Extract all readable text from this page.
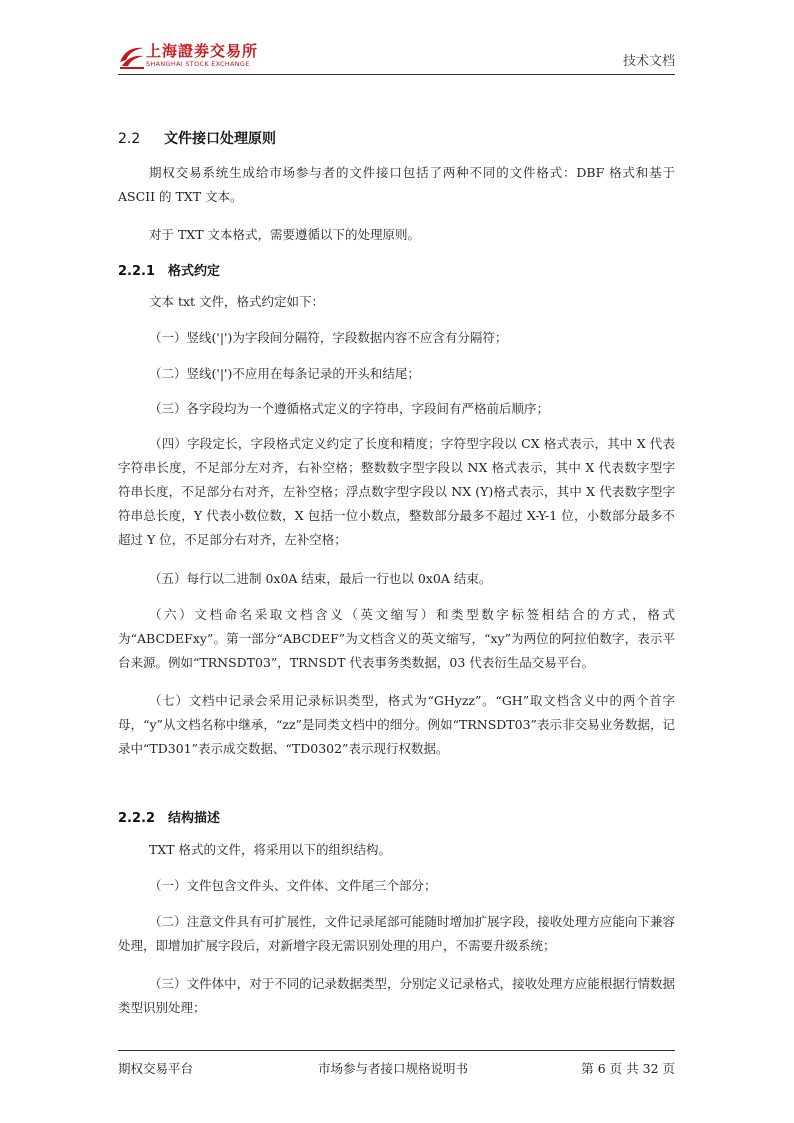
上海證劵交易所
SHANGHAI STOCK EXCHANGE	技术文档
2.2 文件接口处理原则
期权交易系统生成给市场参与者的文件接口包括了两种不同的文件格式：DBF 格式和基于ASCII 的 TXT 文本。
对于 TXT 文本格式，需要遵循以下的处理原则。
2.2.1 格式约定
文本 txt 文件，格式约定如下：
（一）竖线('|')为字段间分隔符，字段数据内容不应含有分隔符；
（二）竖线('|')不应用在每条记录的开头和结尾；
（三）各字段均为一个遵循格式定义的字符串，字段间有严格前后顺序；
（四）字段定长，字段格式定义约定了长度和精度；字符型字段以 CX 格式表示，其中 X 代表字符串长度，不足部分左对齐，右补空格；整数数字型字段以 NX 格式表示，其中 X 代表数字型字符串长度，不足部分右对齐，左补空格；浮点数字型字段以 NX (Y)格式表示，其中 X 代表数字型字符串总长度，Y 代表小数位数，X 包括一位小数点，整数部分最多不超过 X-Y-1 位，小数部分最多不超过 Y 位，不足部分右对齐，左补空格；
（五）每行以二进制 0x0A 结束，最后一行也以 0x0A 结束。
（六）文档命名采取文档含义（英文缩写）和类型数字标签相结合的方式，格式为“ABCDEFxy”。第一部分“ABCDEF”为文档含义的英文缩写，“xy”为两位的阿拉伯数字，表示平台来源。例如“TRNSDT03”，TRNSDT 代表事务类数据，03 代表衍生品交易平台。
（七）文档中记录会采用记录标识类型，格式为“GHyzz”。“GH”取文档含义中的两个首字母，“y”从文档名称中继承，“zz”是同类文档中的细分。例如“TRNSDT03”表示非交易业务数据，记录中“TD301”表示成交数据、“TD0302”表示现行权数据。
2.2.2 结构描述
TXT 格式的文件，将采用以下的组织结构。
（一）文件包含文件头、文件体、文件尾三个部分；
（二）注意文件具有可扩展性，文件记录尾部可能随时增加扩展字段，接收处理方应能向下兼容处理，即增加扩展字段后，对新增字段无需识别处理的用户，不需要升级系统；
（三）文件体中，对于不同的记录数据类型，分别定义记录格式，接收处理方应能根据行情数据类型识别处理；
期权交易平台	市场参与者接口规格说明书	第 6 页 共 32 页
